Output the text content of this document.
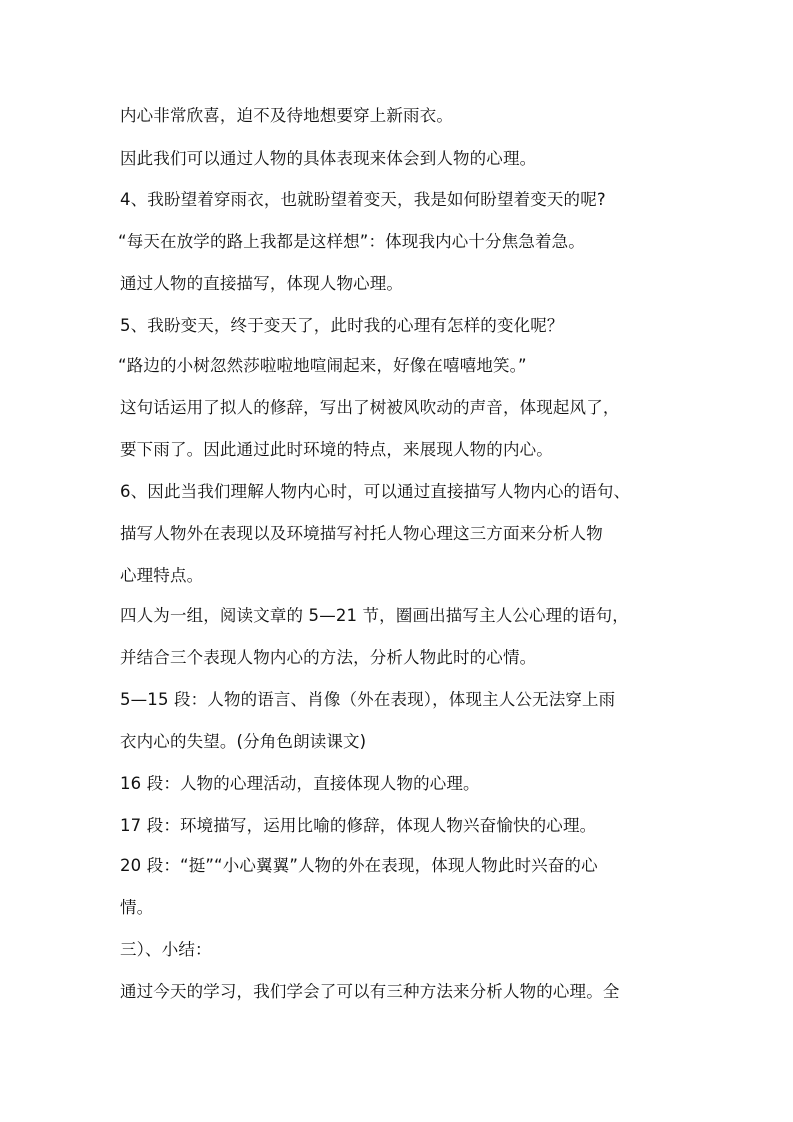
内心非常欣喜，迫不及待地想要穿上新雨衣。
因此我们可以通过人物的具体表现来体会到人物的心理。
4、我盼望着穿雨衣，也就盼望着变天，我是如何盼望着变天的呢?
“每天在放学的路上我都是这样想”：体现我内心十分焦急着急。
通过人物的直接描写，体现人物心理。
5、我盼变天，终于变天了，此时我的心理有怎样的变化呢？
“路边的小树忽然莎啦啦地喧闹起来，好像在嘻嘻地笑。”
这句话运用了拟人的修辞，写出了树被风吹动的声音，体现起风了，
要下雨了。因此通过此时环境的特点，来展现人物的内心。
6、因此当我们理解人物内心时，可以通过直接描写人物内心的语句、
描写人物外在表现以及环境描写衬托人物心理这三方面来分析人物
心理特点。
四人为一组，阅读文章的 5—21 节，圈画出描写主人公心理的语句，
并结合三个表现人物内心的方法，分析人物此时的心情。
5—15 段：人物的语言、肖像（外在表现），体现主人公无法穿上雨
衣内心的失望。(分角色朗读课文)
16 段：人物的心理活动，直接体现人物的心理。
17 段：环境描写，运用比喻的修辞，体现人物兴奋愉快的心理。
20 段：“挺”“小心翼翼”人物的外在表现，体现人物此时兴奋的心
情。
三）、小结：
通过今天的学习，我们学会了可以有三种方法来分析人物的心理。全
